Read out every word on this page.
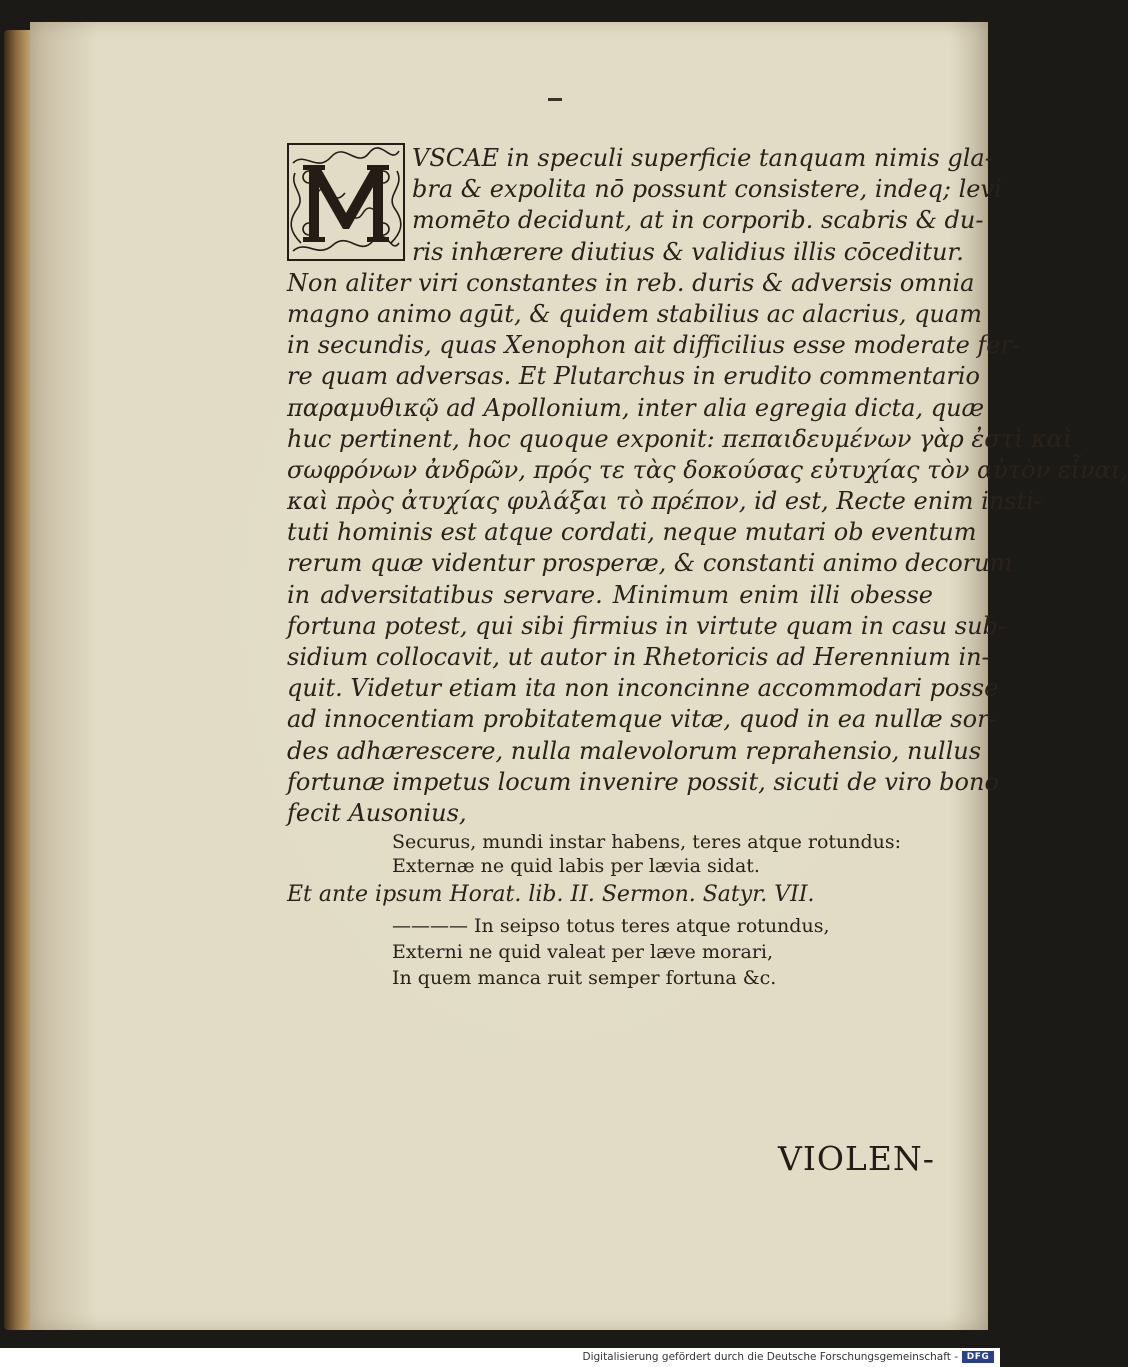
VSCAE in speculi superficie tanquam nimis gla-
bra & expolita nō possunt consistere, indeq; levi
momēto decidunt, at in corporib. scabris & du-
ris inhærere diutius & validius illis cōceditur.
Non aliter viri constantes in reb. duris & adversis omnia
magno animo agūt, & quidem stabilius ac alacrius, quam
in secundis, quas Xenophon ait difficilius esse moderate fer-
re quam adversas. Et Plutarchus in erudito commentario
παραμυθικῷ ad Apollonium, inter alia egregia dicta, quæ
huc pertinent, hoc quoque exponit: πεπαιδευμένων γὰρ ἐστὶ καὶ
σωφρόνων ἀνδρῶν, πρός τε τὰς δοκούσας εὐτυχίας τὸν αὐτὸν εἶναι,
καὶ πρὸς ἀτυχίας φυλάξαι τὸ πρέπον, id est, Recte enim insti-
tuti hominis est atque cordati, neque mutari ob eventum
rerum quæ videntur prosperæ, & constanti animo decorum
in adversitatibus servare. Minimum enim illi obesse
fortuna potest, qui sibi firmius in virtute quam in casu sub-
sidium collocavit, ut autor in Rhetoricis ad Herennium in-
quit. Videtur etiam ita non inconcinne accommodari posse
ad innocentiam probitatemque vitæ, quod in ea nullæ sor-
des adhærescere, nulla malevolorum reprahensio, nullus
fortunæ impetus locum invenire possit, sicuti de viro bono
fecit Ausonius,
Securus, mundi instar habens, teres atque rotundus:
Externæ ne quid labis per lævia sidat.
Et ante ipsum Horat. lib. II. Sermon. Satyr. VII.
———— In seipso totus teres atque rotundus,
Externi ne quid valeat per læve morari,
In quem manca ruit semper fortuna &c.
VIOLEN-
Digitalisierung gefördert durch die Deutsche Forschungsgemeinschaft - DFG
